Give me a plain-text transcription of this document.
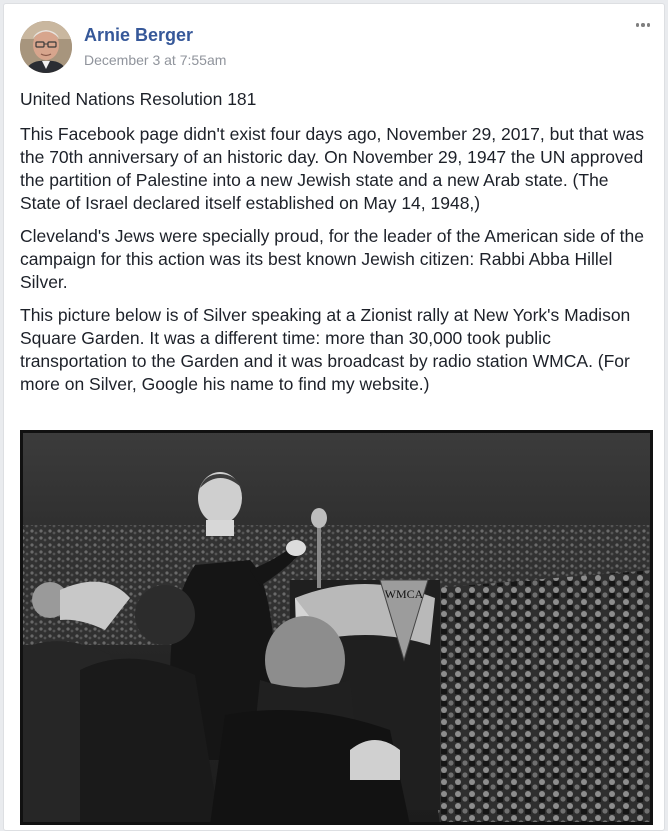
Arnie Berger
December 3 at 7:55am

United Nations Resolution 181

This Facebook page didn't exist four days ago, November 29, 2017, but that was the 70th anniversary of an historic day. On November 29, 1947 the UN approved the partition of Palestine into a new Jewish state and a new Arab state. (The State of Israel declared itself established on May 14, 1948,)

Cleveland's Jews were specially proud, for the leader of the American side of the campaign for this action was its best known Jewish citizen: Rabbi Abba Hillel Silver.

This picture below is of Silver speaking at a Zionist rally at New York's Madison Square Garden. It was a different time: more than 30,000 took public transportation to the Garden and it was broadcast by radio station WMCA. (For more on Silver, Google his name to find my website.)

WMCA
